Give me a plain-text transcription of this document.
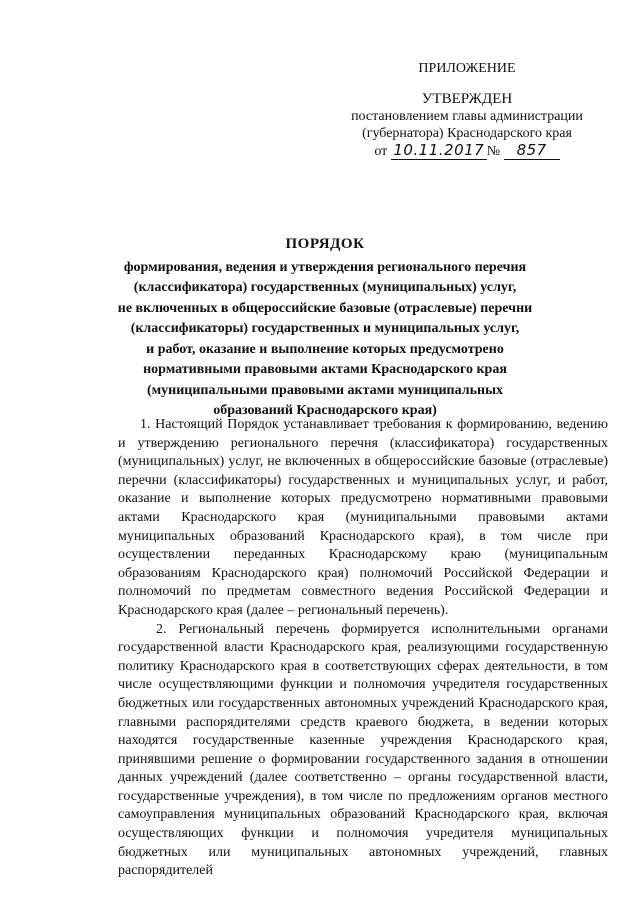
ПРИЛОЖЕНИЕ
УТВЕРЖДЕН
постановлением главы администрации
(губернатора) Краснодарского края
от 10.11.2017 № 857
ПОРЯДОК
формирования, ведения и утверждения регионального перечня
(классификатора) государственных (муниципальных) услуг,
не включенных в общероссийские базовые (отраслевые) перечни
(классификаторы) государственных и муниципальных услуг,
и работ, оказание и выполнение которых предусмотрено
нормативными правовыми актами Краснодарского края
(муниципальными правовыми актами муниципальных
образований Краснодарского края)

1. Настоящий Порядок устанавливает требования к формированию, ведению и утверждению регионального перечня (классификатора) государственных (муниципальных) услуг, не включенных в общероссийские базовые (отраслевые) перечни (классификаторы) государственных и муниципальных услуг, и работ, оказание и выполнение которых предусмотрено нормативными правовыми актами Краснодарского края (муниципальными правовыми актами муниципальных образований Краснодарского края), в том числе при осуществлении переданных Краснодарскому краю (муниципальным образованиям Краснодарского края) полномочий Российской Федерации и полномочий по предметам совместного ведения Российской Федерации и Краснодарского края (далее – региональный перечень).

2. Региональный перечень формируется исполнительными органами государственной власти Краснодарского края, реализующими государственную политику Краснодарского края в соответствующих сферах деятельности, в том числе осуществляющими функции и полномочия учредителя государственных бюджетных или государственных автономных учреждений Краснодарского края, главными распорядителями средств краевого бюджета, в ведении которых находятся государственные казенные учреждения Краснодарского края, принявшими решение о формировании государственного задания в отношении данных учреждений (далее соответственно – органы государственной власти, государственные учреждения), в том числе по предложениям органов местного самоуправления муниципальных образований Краснодарского края, включая осуществляющих функции и полномочия учредителя муниципальных бюджетных или муниципальных автономных учреждений, главных распорядителей
